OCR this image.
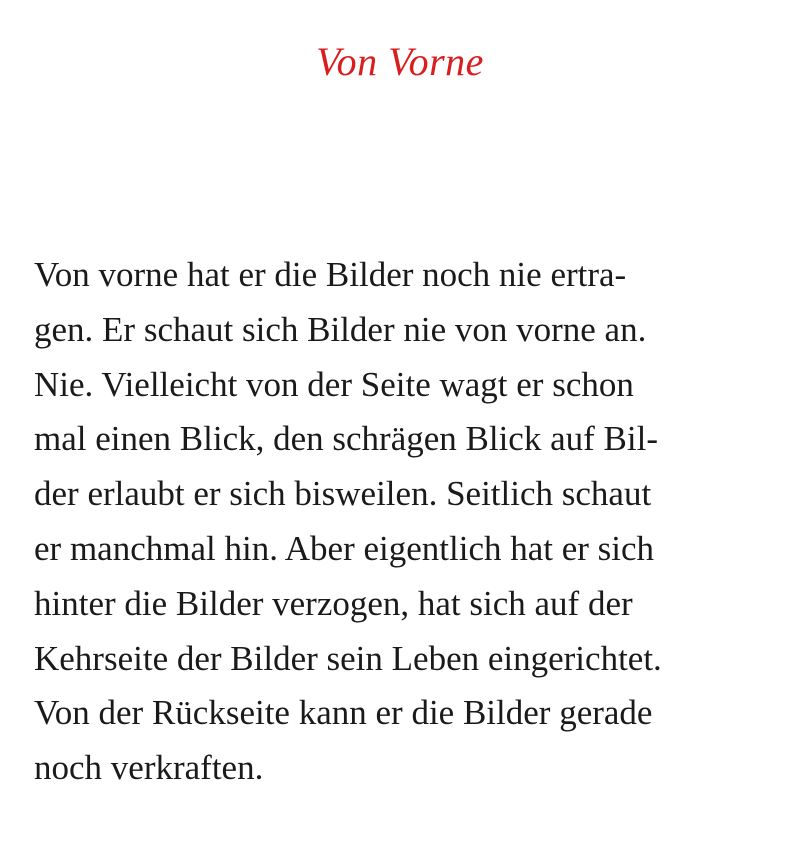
Von Vorne
Von vorne hat er die Bilder noch nie ertra-
gen. Er schaut sich Bilder nie von vorne an.
Nie. Vielleicht von der Seite wagt er schon
mal einen Blick, den schrägen Blick auf Bil-
der erlaubt er sich bisweilen. Seitlich schaut
er manchmal hin. Aber eigentlich hat er sich
hinter die Bilder verzogen, hat sich auf der
Kehrseite der Bilder sein Leben eingerichtet.
Von der Rückseite kann er die Bilder gerade
noch verkraften.
